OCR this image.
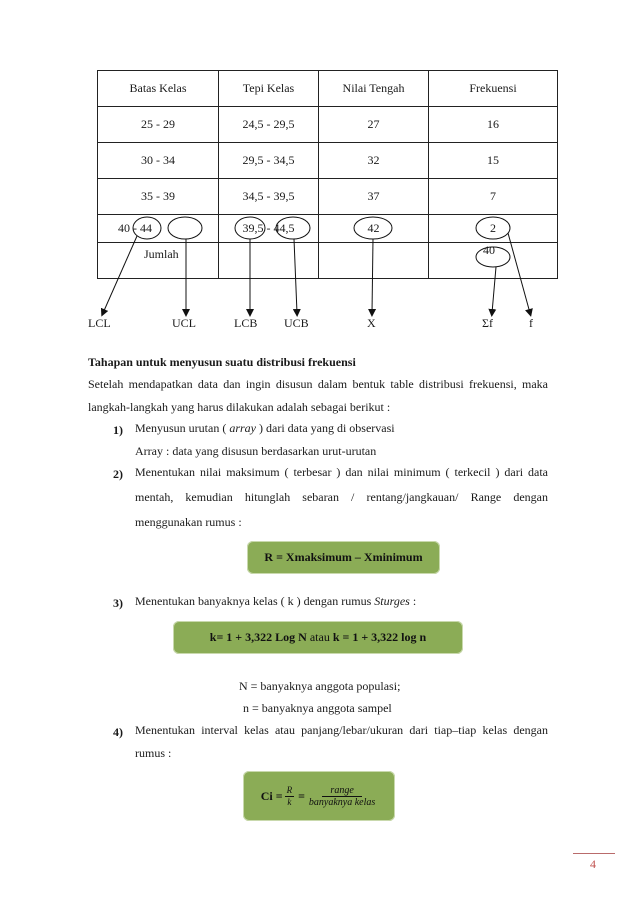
Batas Kelas	Tepi Kelas	Nilai Tengah	Frekuensi

25 - 29	24,5 - 29,5	27	16

30 - 34	29,5 - 34,5	32	15

35 - 39	34,5 - 39,5	37	7

40 - 44	39,5 - 44,5	42	2

Jumlah			40
LCL	UCL	LCB UCB	X	Σf	f
Tahapan untuk menyusun suatu distribusi frekuensi
Setelah mendapatkan data dan ingin disusun dalam bentuk table distribusi frekuensi, maka
langkah-langkah yang harus dilakukan adalah sebagai berikut :
1) Menyusun urutan ( array ) dari data yang di observasi
Array : data yang disusun berdasarkan urut-urutan
2) Menentukan nilai maksimum ( terbesar ) dan nilai minimum ( terkecil ) dari data
mentah, kemudian hitunglah sebaran / rentang/jangkauan/ Range dengan
menggunakan rumus :
R = Xmaksimum – Xminimum
3) Menentukan banyaknya kelas ( k ) dengan rumus Sturges :
k= 1 + 3,322 Log N atau k = 1 + 3,322 log n
N = banyaknya anggota populasi;
n = banyaknya anggota sampel
4) Menentukan interval kelas atau panjang/lebar/ukuran dari tiap–tiap kelas dengan
rumus :
$Ci = \frac{R}{k} = \frac{\text{range}}{\text{banyaknya kelas}}$
4
